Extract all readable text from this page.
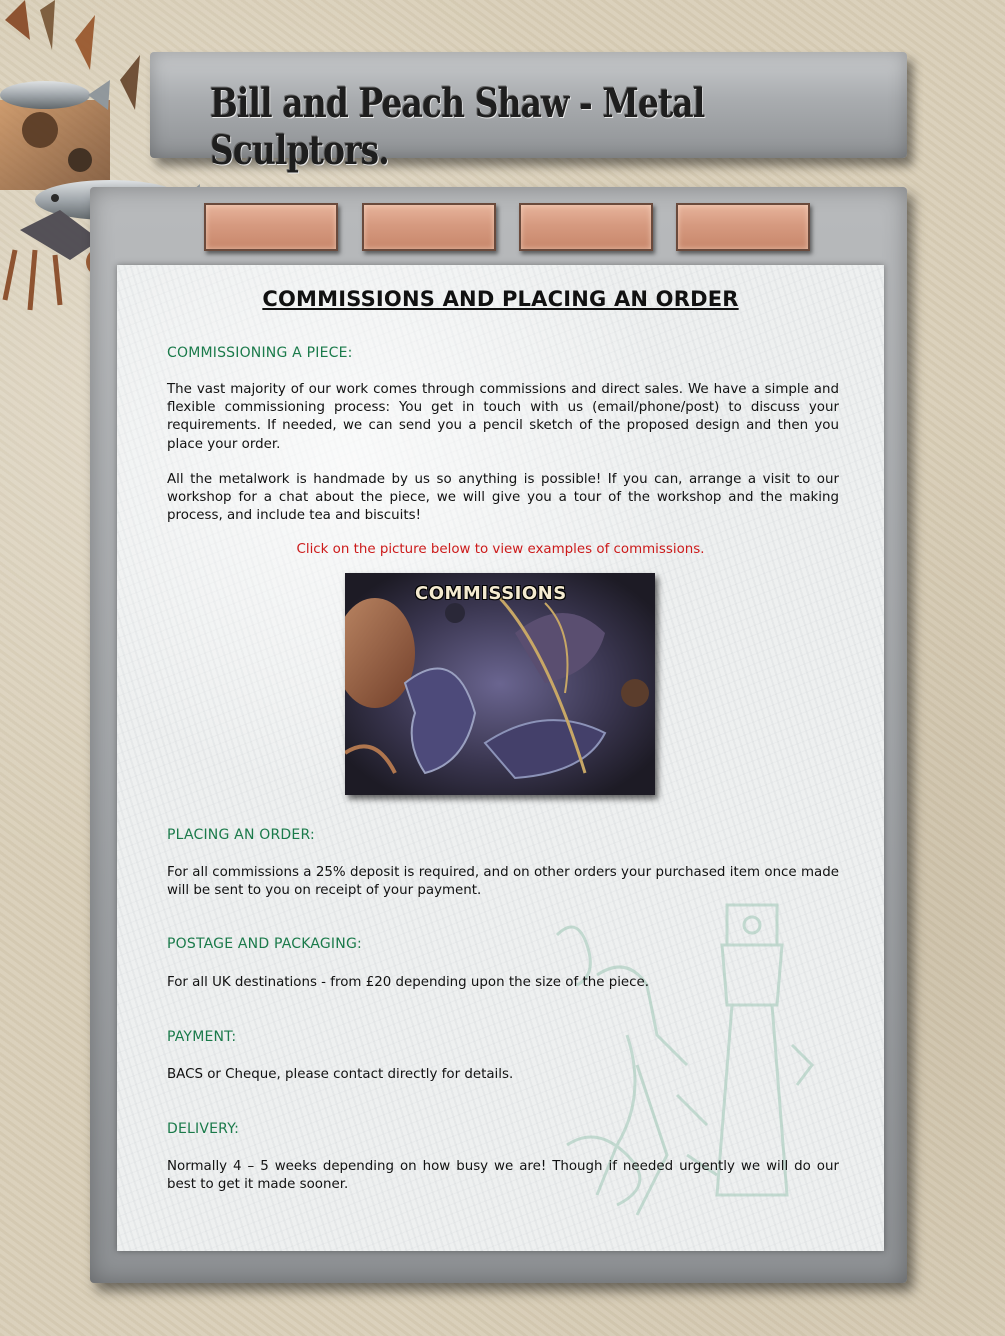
Bill and Peach Shaw - Metal Sculptors.
COMMISSIONS AND PLACING AN ORDER
COMMISSIONING A PIECE:

The vast majority of our work comes through commissions and direct sales. We have a simple and flexible commissioning process: You get in touch with us (email/phone/post) to discuss your requirements. If needed, we can send you a pencil sketch of the proposed design and then you place your order.

All the metalwork is handmade by us so anything is possible! If you can, arrange a visit to our workshop for a chat about the piece, we will give you a tour of the workshop and the making process, and include tea and biscuits!

Click on the picture below to view examples of commissions.

COMMISSIONS
PLACING AN ORDER:

For all commissions a 25% deposit is required, and on other orders your purchased item once made will be sent to you on receipt of your payment.

POSTAGE AND PACKAGING:

For all UK destinations - from £20 depending upon the size of the piece.

PAYMENT:

BACS or Cheque, please contact directly for details.

DELIVERY:

Normally 4 – 5 weeks depending on how busy we are! Though if needed urgently we will do our best to get it made sooner.
